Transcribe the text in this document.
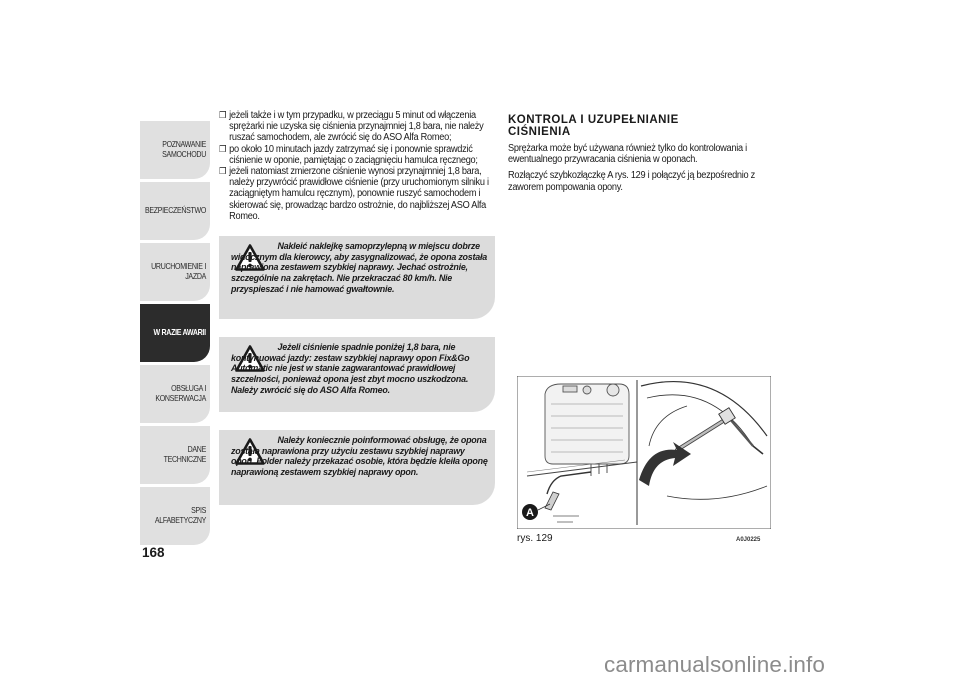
POZNAWANIE SAMOCHODU
BEZPIECZEŃSTWO
URUCHOMIENIE I JAZDA
W RAZIE AWARII
OBSŁUGA I KONSERWACJA
DANE TECHNICZNE
SPIS ALFABETYCZNY
168
❒ jeżeli także i w tym przypadku, w przeciągu 5 minut od włączenia sprężarki nie uzyska się ciśnienia przynajmniej 1,8 bara, nie należy ruszać samochodem, ale zwrócić się do ASO Alfa Romeo;
❒ po około 10 minutach jazdy zatrzymać się i ponownie sprawdzić ciśnienie w oponie, pamiętając o zaciągnięciu hamulca ręcznego;
❒ jeżeli natomiast zmierzone ciśnienie wynosi przynajmniej 1,8 bara, należy przywrócić prawidłowe ciśnienie (przy uruchomionym silniku i zaciągniętym hamulcu ręcznym), ponownie ruszyć samochodem i skierować się, prowadząc bardzo ostrożnie, do najbliższej ASO Alfa Romeo.

Nakleić naklejkę samoprzylepną w miejscu dobrze widocznym dla kierowcy, aby zasygnalizować, że opona została naprawiona zestawem szybkiej naprawy. Jechać ostrożnie, szczególnie na zakrętach. Nie przekraczać 80 km/h. Nie przyspieszać i nie hamować gwałtownie.

Jeżeli ciśnienie spadnie poniżej 1,8 bara, nie kontynuować jazdy: zestaw szybkiej naprawy opon Fix&Go Automatic nie jest w stanie zagwarantować prawidłowej szczelności, ponieważ opona jest zbyt mocno uszkodzona. Należy zwrócić się do ASO Alfa Romeo.

Należy koniecznie poinformować obsługę, że opona została naprawiona przy użyciu zestawu szybkiej naprawy opon. Folder należy przekazać osobie, która będzie kleiła oponę naprawioną zestawem szybkiej naprawy opon.

KONTROLA I UZUPEŁNIANIE
CIŚNIENIA

Sprężarka może być używana również tylko do kontrolowania i ewentualnego przywracania ciśnienia w oponach.

Rozłączyć szybkozłączkę A rys. 129 i połączyć ją bezpośrednio z zaworem pompowania opony.

A
rys. 129	A0J0225
carmanualsonline.info
